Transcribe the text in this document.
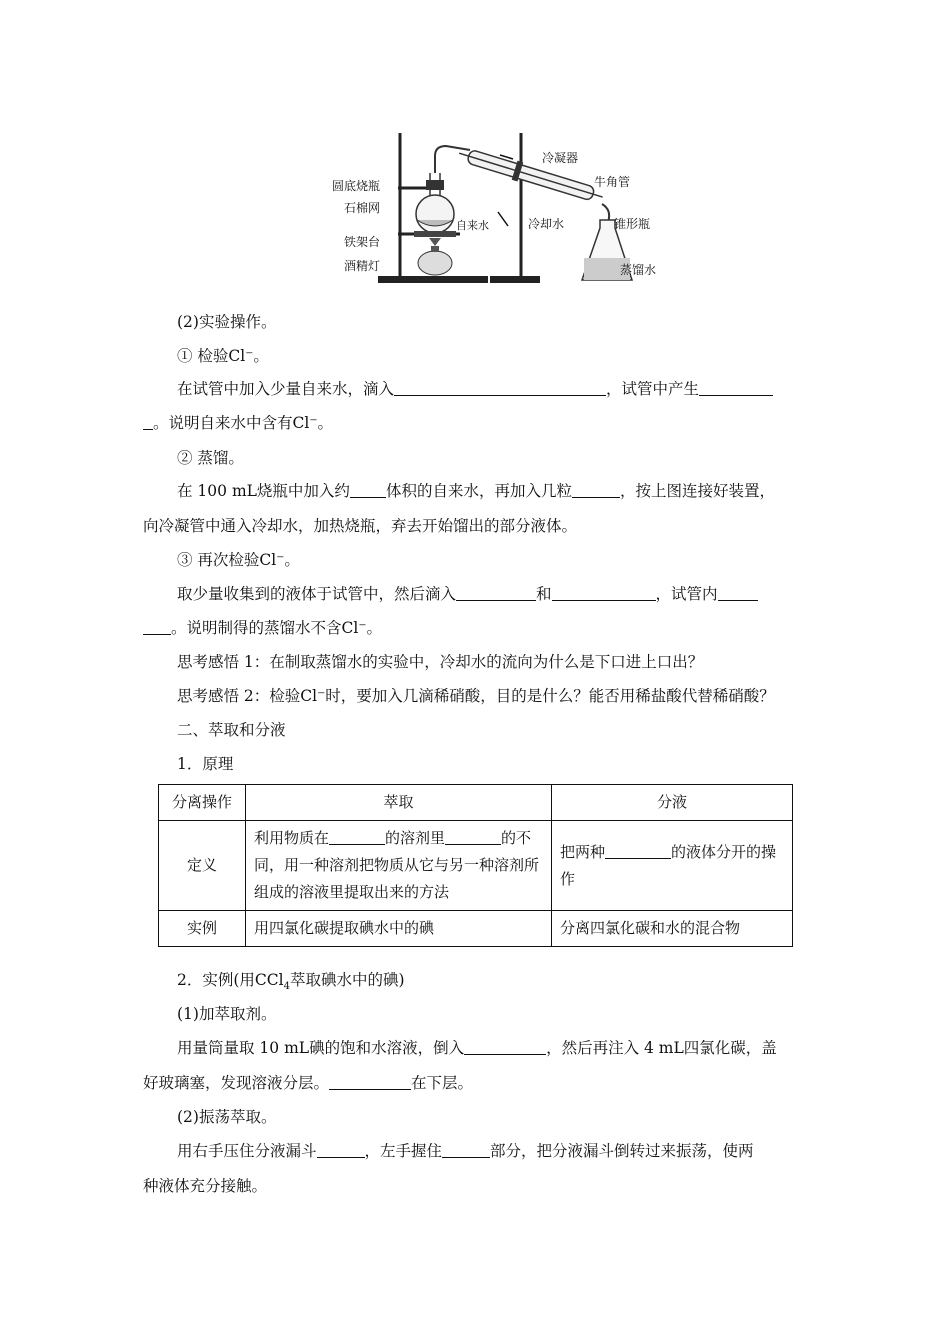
圆底烧瓶
石棉网
铁架台
酒精灯
自来水
冷凝器
牛角管
冷却水	锥形瓶
蒸馏水
(2)实验操作。
① 检验Cl⁻。
在试管中加入少量自来水，滴入	，试管中产生
。说明自来水中含有Cl⁻。
② 蒸馏。
在 100 mL烧瓶中加入约 体积的自来水，再加入几粒	，按上图连接好装置，
向冷凝管中通入冷却水，加热烧瓶，弃去开始馏出的部分液体。
③ 再次检验Cl⁻。
取少量收集到的液体于试管中，然后滴入	和	，试管内
。说明制得的蒸馏水不含Cl⁻。
思考感悟 1：在制取蒸馏水的实验中，冷却水的流向为什么是下口进上口出？
思考感悟 2：检验Cl⁻时，要加入几滴稀硝酸，目的是什么？能否用稀盐酸代替稀硝酸？
二、萃取和分液
1．原理
分离操作	萃取	分液
定义	利用物质在 的溶剂里 的不同，用一种溶剂把物质从它与另一种溶剂所组成的溶液里提取出来的方法	把两种 的液体分开的操作
实例	用四氯化碳提取碘水中的碘	分离四氯化碳和水的混合物
2．实例(用CCl$_4$萃取碘水中的碘)
(1)加萃取剂。
用量筒量取 10 mL碘的饱和水溶液，倒入	，然后再注入 4 mL四氯化碳，盖
好玻璃塞，发现溶液分层。	在下层。
(2)振荡萃取。
用右手压住分液漏斗	，左手握住	部分，把分液漏斗倒转过来振荡，使两
种液体充分接触。
